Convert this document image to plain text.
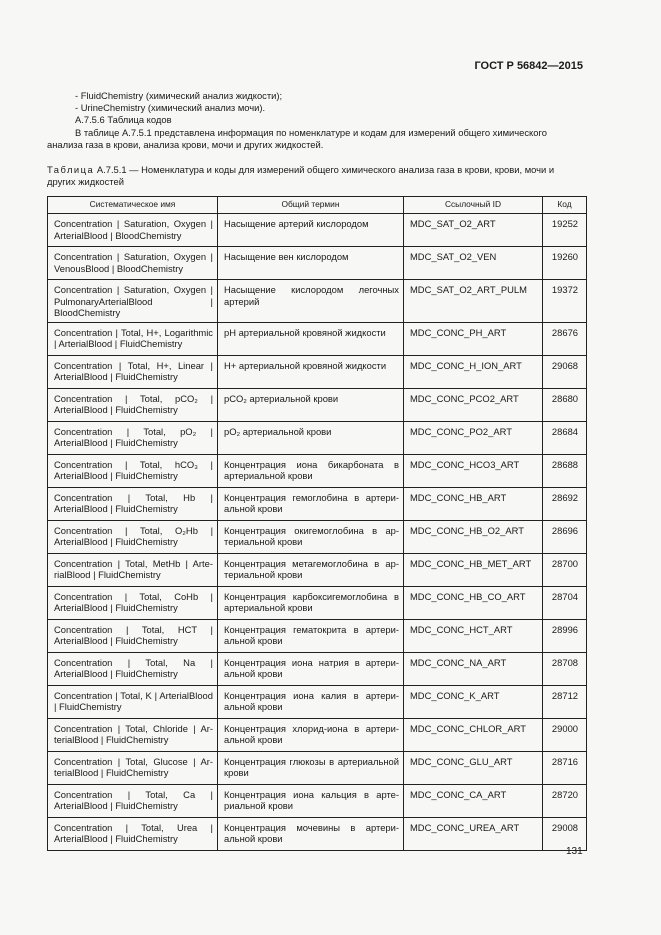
ГОСТ Р 56842—2015

- FluidChemistry (химический анализ жидкости);

- UrineChemistry (химический анализ мочи).

А.7.5.6 Таблица кодов

В таблице А.7.5.1 представлена информация по номенклатуре и кодам для измерений общего химического

анализа газа в крови, анализа крови, мочи и других жидкостей.

Таблица А.7.5.1 — Номенклатура и коды для измерений общего химического анализа газа в крови, крови, мочи и других жидкостей
Систематическое имя	Общий термин	Ссылочный ID	Код
Concentration | Saturation, Oxygen | ArterialBlood | BloodChemistry	Насыщение артерий кислородом	MDC_SAT_O2_ART	19252
Concentration | Saturation, Oxygen | VenousBlood | BloodChemistry	Насыщение вен кислородом	MDC_SAT_O2_VEN	19260
Concentration | Saturation, Oxygen | PulmonaryArterialBlood | BloodChemistry	Насыщение кислородом легочных артерий	MDC_SAT_O2_ART_PULM	19372
Concentration | Total, H+, Logarithmic | ArterialBlood | FluidChemistry	pH артериальной кровяной жидкости	MDC_CONC_PH_ART	28676
Concentration | Total, H+, Linear | ArterialBlood | FluidChemistry	H+ артериальной кровяной жидкости	MDC_CONC_H_ION_ART	29068
Concentration | Total, pCO₂ | ArterialBlood | FluidChemistry	pCO₂ артериальной крови	MDC_CONC_PCO2_ART	28680
Concentration | Total, pO₂ | ArterialBlood | FluidChemistry	pO₂ артериальной крови	MDC_CONC_PO2_ART	28684
Concentration | Total, hCO₃ | ArterialBlood | FluidChemistry	Концентрация иона бикарбоната в артериальной крови	MDC_CONC_HCO3_ART	28688
Concentration | Total, Hb | ArterialBlood | FluidChemistry	Концентрация гемоглобина в артериальной крови	MDC_CONC_HB_ART	28692
Concentration | Total, O₂Hb | ArterialBlood | FluidChemistry	Концентрация окигемоглобина в артериальной крови	MDC_CONC_HB_O2_ART	28696
Concentration | Total, MetHb | ArterialBlood | FluidChemistry	Концентрация метагемоглобина в артериальной крови	MDC_CONC_HB_MET_ART	28700
Concentration | Total, CoHb | ArterialBlood | FluidChemistry	Концентрация карбоксигемоглобина в артериальной крови	MDC_CONC_HB_CO_ART	28704
Concentration | Total, HCT | ArterialBlood | FluidChemistry	Концентрация гематокрита в артериальной крови	MDC_CONC_HCT_ART	28996
Concentration | Total, Na | ArterialBlood | FluidChemistry	Концентрация иона натрия в артериальной крови	MDC_CONC_NA_ART	28708
Concentration | Total, K | ArterialBlood | FluidChemistry	Концентрация иона калия в артериальной крови	MDC_CONC_K_ART	28712
Concentration | Total, Chloride | ArterialBlood | FluidChemistry	Концентрация хлорид-иона в артериальной крови	MDC_CONC_CHLOR_ART	29000
Concentration | Total, Glucose | ArterialBlood | FluidChemistry	Концентрация глюкозы в артериальной крови	MDC_CONC_GLU_ART	28716
Concentration | Total, Ca | ArterialBlood | FluidChemistry	Концентрация иона кальция в артериальной крови	MDC_CONC_CA_ART	28720
Concentration | Total, Urea | ArterialBlood | FluidChemistry	Концентрация мочевины в артериальной крови	MDC_CONC_UREA_ART	29008
131
